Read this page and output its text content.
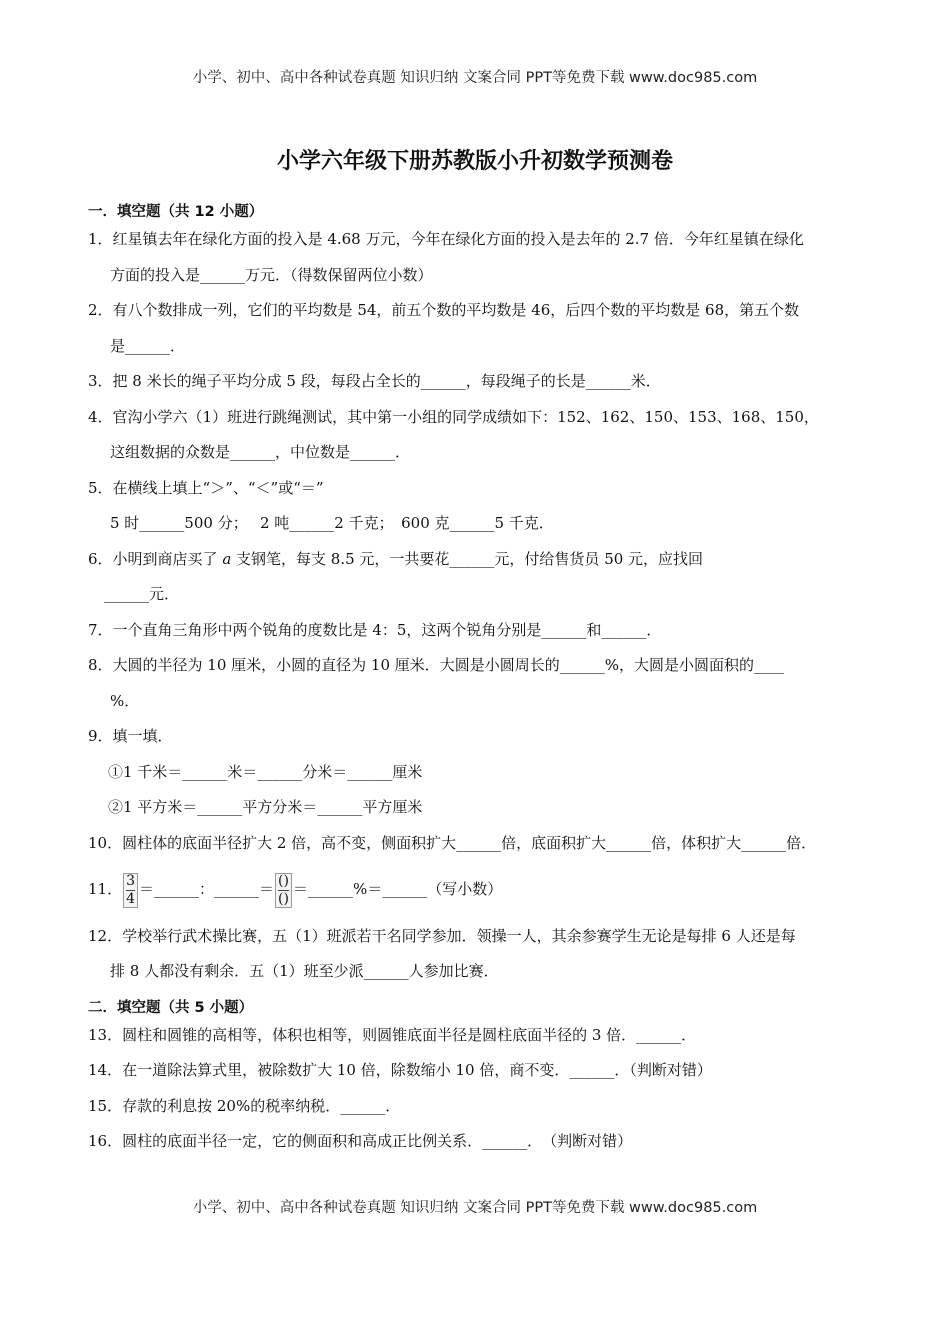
小学、初中、高中各种试卷真题 知识归纳 文案合同 PPT等免费下载 www.doc985.com
小学六年级下册苏教版小升初数学预测卷
一．填空题（共 12 小题）
1．红星镇去年在绿化方面的投入是 4.68 万元，今年在绿化方面的投入是去年的 2.7 倍．今年红星镇在绿化
方面的投入是______万元．（得数保留两位小数）
2．有八个数排成一列，它们的平均数是 54，前五个数的平均数是 46，后四个数的平均数是 68，第五个数
是______．
3．把 8 米长的绳子平均分成 5 段，每段占全长的______，每段绳子的长是______米．
4．官沟小学六（1）班进行跳绳测试，其中第一小组的同学成绩如下：152、162、150、153、168、150，
这组数据的众数是______，中位数是______．
5．在横线上填上“＞”、“＜”或“＝”
5 时______500 分；　 2 吨______2 千克；　600 克______5 千克．
6．小明到商店买了 a 支钢笔，每支 8.5 元，一共要花______元，付给售货员 50 元，应找回
______元．
7．一个直角三角形中两个锐角的度数比是 4：5，这两个锐角分别是______和______．
8．大圆的半径为 10 厘米，小圆的直径为 10 厘米．大圆是小圆周长的______%，大圆是小圆面积的____
%．
9．填一填．
①1 千米＝______米＝______分米＝______厘米
②1 平方米＝______平方分米＝______平方厘米
10．圆柱体的底面半径扩大 2 倍，高不变，侧面积扩大______倍，底面积扩大______倍，体积扩大______倍．
11． $\frac{3}{4}$ ＝______：______＝ $\frac{()}{()}$ ＝______%＝______（写小数）
12．学校举行武术操比赛，五（1）班派若干名同学参加．领操一人，其余参赛学生无论是每排 6 人还是每
排 8 人都没有剩余．五（1）班至少派______人参加比赛．
二．填空题（共 5 小题）
13．圆柱和圆锥的高相等，体积也相等，则圆锥底面半径是圆柱底面半径的 3 倍．______．
14．在一道除法算式里，被除数扩大 10 倍，除数缩小 10 倍，商不变．______．（判断对错）
15．存款的利息按 20%的税率纳税．______．
16．圆柱的底面半径一定，它的侧面积和高成正比例关系．______．　（判断对错）
小学、初中、高中各种试卷真题 知识归纳 文案合同 PPT等免费下载 www.doc985.com
